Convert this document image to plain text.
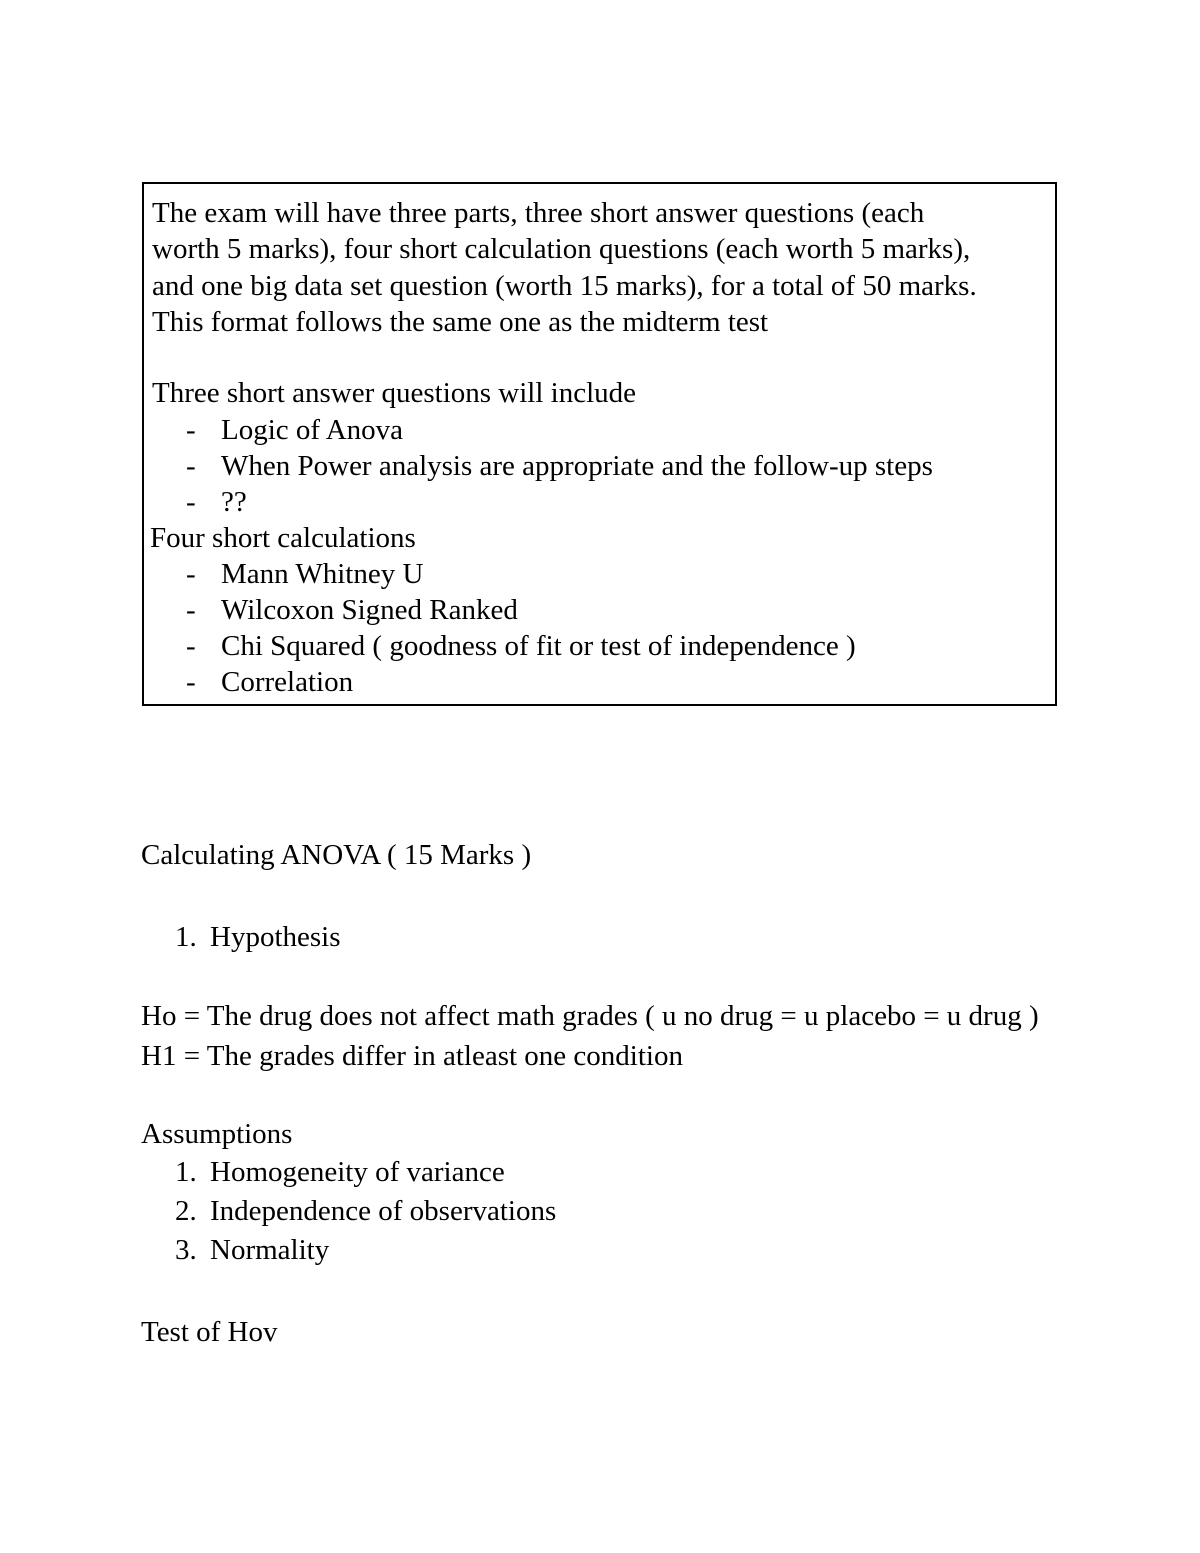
The exam will have three parts, three short answer questions (each
worth 5 marks), four short calculation questions (each worth 5 marks),
and one big data set question (worth 15 marks), for a total of 50 marks.
This format follows the same one as the midterm test
Three short answer questions will include
- Logic of Anova
- When Power analysis are appropriate and the follow-up steps
- ??
Four short calculations
- Mann Whitney U
- Wilcoxon Signed Ranked
- Chi Squared ( goodness of fit or test of independence )
- Correlation
Calculating ANOVA ( 15 Marks )
1. Hypothesis
Ho = The drug does not affect math grades ( u no drug = u placebo = u drug )
H1 = The grades differ in atleast one condition
Assumptions
1. Homogeneity of variance
2. Independence of observations
3. Normality
Test of Hov
